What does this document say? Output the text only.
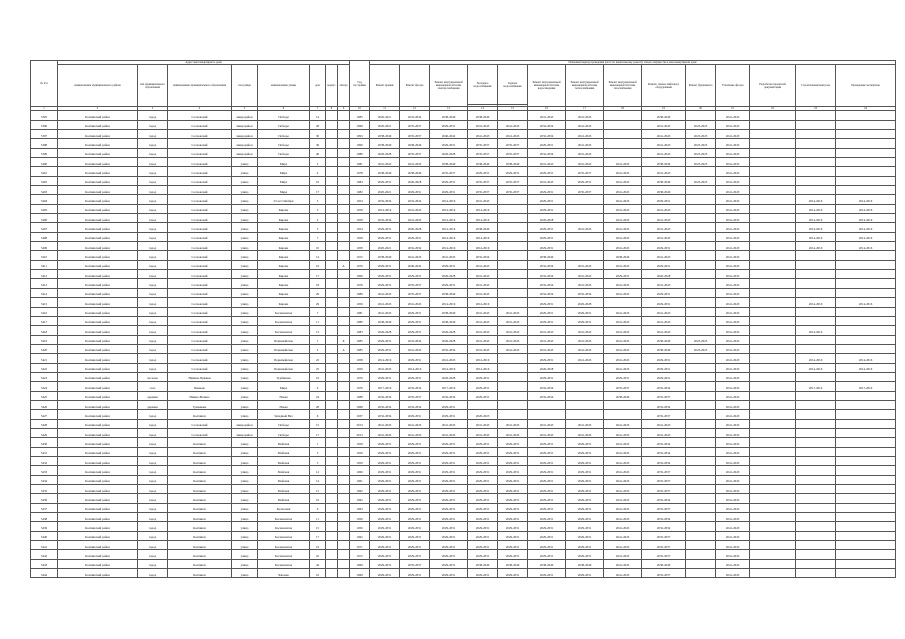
№ п/п	Адрес многоквартирного дома								Год постройки	Плановый период проведения работ по капитальному ремонту общего имущества в многоквартирном доме													
	наименование муниципального района	тип муниципального образования	наименование муниципального образования	тип улицы	наименование улицы	дом	корпус	литера		Ремонт крыши	Ремонт фасада	Ремонт внутридомовой инженерной системы электроснабжения	Холодное водоснабжение	Горячее водоснабжение	Ремонт внутридомовой инженерной системы водоотведения	Ремонт внутридомовой инженерной системы теплоснабжения	Ремонт внутридомовой инженерной системы газоснабжения	Ремонт, замена лифтового оборудования	Ремонт фундамента	Утепление фасада	Разработка проектной документации	Строительный контроль	Проведение экспертизы

1	2	3	4	5	6	7	8	9	10	11	12	13	14	15	16	17	18	19	20	21	22	23	24
5395	Колпинский район	город	Сосновский	микрорайон	Победы	14			1985	2020-2021	2032-2034	2038-2040	2038-2040		2041-2043	2041-2043		2038-2040		2041-2043			
5396	Колпинский район	город	Сосновский	микрорайон	Победы	28			1969	2020-2021	2035-2037	2029-2031	2041-2043	2041-2043	2032-2034	2041-2043		2041-2043	2023-2025	2041-2043			
5397	Колпинский район	город	Сосновский	микрорайон	Победы	30			1993	2038-2040	2035-2037	2040-2042	2041-2043	2041-2043	2032-2034	2041-2043		2041-2043	2023-2025	2041-2043			
5398	Колпинский район	город	Сосновский	микрорайон	Победы	36			1990	2038-2040	2038-2040	2029-2031	2035-2037	2035-2037	2029-2031	2041-2043		2041-2043	2023-2025	2041-2043			
5399	Колпинский район	город	Сосновский	микрорайон	Победы	40			1986	2026-2028	2035-2037	2026-2028	2035-2037	2035-2037	2032-2034	2041-2043		2041-2043	2023-2025	2041-2043			
5400	Колпинский район	город	Сосновский	улица	Мира	2			1981	2041-2043	2041-2043	2038-2040	2038-2040	2038-2040	2041-2043	2041-2043	2041-2043	2038-2040	2023-2025	2041-2043			
5401	Колпинский район	город	Сосновский	улица	Мира	4			1978	2038-2040	2038-2040	2035-2037	2029-2031	2029-2031	2029-2031	2035-2037	2041-2043	2041-2043		2041-2043			
5402	Колпинский район	город	Сосновский	улица	Мира	16			1984	2029-2031	2026-2028	2029-2031	2035-2037	2035-2037	2041-2043	2029-2031	2041-2043	2038-2040	2023-2025	2041-2043			
5403	Колпинский район	город	Сосновский	улица	Мира	17			1982	2020-2021	2029-2031	2029-2031	2035-2037	2035-2037	2029-2031	2035-2037	2041-2043	2038-2040		2041-2043			
5404	Колпинский район	город	Сосновский	улица	23 лет Октября	5			1954	2032-2034	2032-2034	2014-2016	2041-2043		2029-2031		2041-2043	2029-2031		2041-2043		2014-2016	2014-2016
5405	Колпинский район	город	Сосновский	улица	Кирова	3			1958	2014-2016	2041-2043	2014-2016	2014-2016		2029-2031		2041-2043	2041-2043		2041-2043		2014-2016	2014-2016
5406	Колпинский район	город	Сосновский	улица	Кирова	4			1958	2032-2034	2041-2043	2014-2016	2014-2016		2026-2028		2041-2043	2041-2043		2041-2043		2014-2016	2014-2016
5407	Колпинский район	город	Сосновский	улица	Кирова	5			1954	2029-2031	2026-2028	2014-2016	2038-2040		2029-2031	2041-2043	2041-2043	2041-2043		2041-2043		2014-2016	2014-2016
5408	Колпинский район	город	Сосновский	улица	Кирова	7			1958	2029-2031	2029-2031	2014-2016	2014-2016		2029-2031		2041-2043	2041-2043		2041-2043		2014-2016	2014-2016
5409	Колпинский район	город	Сосновский	улица	Кирова	10			1958	2020-2021	2032-2034	2014-2016	2014-2016		2029-2031		2041-2043	2029-2031		2041-2043		2014-2016	2014-2016
5410	Колпинский район	город	Сосновский	улица	Кирова	14			1972	2038-2040	2041-2043	2041-2043	2032-2034		2038-2040		2038-2040	2041-2043		2041-2043			
5411	Колпинский район	город	Сосновский	улица	Кирова	16		А	1976	2029-2031	2040-2042	2029-2031	2041-2043		2032-2034	2041-2043	2041-2043	2029-2031		2041-2043			
5412	Колпинский район	город	Сосновский	улица	Кирова	17			1990	2029-2031	2029-2031	2026-2028	2041-2043		2032-2034	2041-2043	2029-2031	2026-2028		2041-2043			
5413	Колпинский район	город	Сосновский	улица	Кирова	18			1976	2029-2031	2035-2037	2029-2031	2041-2043		2032-2034	2041-2043	2041-2043	2041-2043		2041-2043			
5414	Колпинский район	город	Сосновский	улица	Кирова	29			1989	2041-2043	2035-2037	2038-2040	2041-2043		2032-2034	2032-2034	2041-2043	2029-2031		2041-2043			
5415	Колпинский район	город	Сосновский	улица	Кирова	29			1959	2041-2043	2041-2043	2014-2016	2014-2016		2029-2031	2026-2028		2029-2031		2041-2043		2014-2016	2014-2016
5416	Колпинский район	город	Сосновский	улица	Космонавтов	7			1981	2041-2043	2029-2031	2038-2040	2041-2043	2041-2043	2029-2031	2029-2031	2041-2043	2041-2043		2041-2043			
5417	Колпинский район	город	Сосновский	улица	Космонавтов	11			1980	2038-2040	2029-2031	2038-2040	2041-2043	2041-2043	2029-2031	2029-2031	2041-2043	2041-2043		2041-2043			
5418	Колпинский район	город	Сосновский	улица	Космонавтов	13			1983	2026-2028	2029-2031	2026-2028	2041-2043	2041-2043	2041-2043	2041-2043	2041-2043	2041-2043		2041-2043		2014-2016	
5419	Колпинский район	город	Сосновский	улица	Первомайская	1		Б	1985	2029-2031	2032-2034	2026-2028	2041-2043	2041-2043	2041-2043	2041-2043	2041-2043	2038-2040	2023-2025	2041-2043			
5420	Колпинский район	город	Сосновский	улица	Первомайская	2		А	1985	2029-2031	2041-2043	2032-2034	2041-2043	2041-2043	2041-2043	2041-2043	2041-2043	2038-2040	2023-2025	2041-2043			
5421	Колпинский район	город	Сосновский	улица	Первомайская	22			1958	2014-2016	2029-2031	2041-2043	2014-2016		2029-2031	2041-2043	2041-2043	2029-2031		2041-2043		2014-2016	2014-2016
5422	Колпинский район	город	Сосновский	улица	Первомайская	25			1959	2041-2043	2014-2016	2014-2016	2014-2016		2026-2028		2041-2043	2029-2031		2041-2043		2014-2016	2014-2016
5423	Колпинский район	поселок	Нижние Пряжки	улица	Турбинная	16			1976	2029-2031	2029-2031	2026-2028	2029-2031		2029-2031		2029-2031	2029-2031		2041-2043			
5424	Колпинский район	село	Пенково	улица	Мира	9			1976	2017-2019	2032-2034	2017-2019	2029-2031		2032-2034		2035-2037	2032-2034		2041-2043		2017-2019	2017-2019
5425	Колпинский район	деревня	Нижне-Валино	улица	Новая	24			1988	2032-2034	2035-2037	2032-2034	2029-2031		2032-2034		2038-2040	2035-2037		2041-2043			
5426	Колпинский район	деревня	Гулинкова	улица	Новая	28			1968	2032-2034	2032-2034	2029-2031						2032-2034		2041-2043			
5427	Колпинский район	город	Колпинск	улица	Западный Вал	6			1937	2032-2034	2029-2031	2029-2031	2020-2023					2035-2037		2041-2043			
5428	Колпинский район	город	Сосновский	микрорайон	Победы	15			2013	2041-2043	2041-2043	2041-2043	2041-2043	2041-2043	2041-2043	2041-2043	2041-2043	2041-2043		2041-2043			
5429	Колпинский район	город	Сосновский	микрорайон	Победы	17			2013	2041-2043	2041-2043	2041-2043	2041-2043	2041-2043	2041-2043	2041-2043	2041-2043	2041-2043		2041-2043			
5430	Колпинский район	город	Колпинск	улица	Майская	1			1958	2029-2031	2029-2031	2029-2031	2029-2031	2029-2031	2029-2031	2029-2031	2041-2043	2032-2034		2041-2043			
5431	Колпинский район	город	Колпинск	улица	Майская	3			1959	2029-2031	2029-2031	2029-2031	2029-2031	2029-2031	2029-2031	2029-2031	2041-2043	2032-2034		2041-2043			
5432	Колпинский район	город	Колпинск	улица	Майская	5			1959	2029-2031	2029-2031	2029-2031	2029-2031	2029-2031	2029-2031	2029-2031	2041-2043	2032-2034		2041-2043			
5433	Колпинский район	город	Колпинск	улица	Майская	12			1960	2029-2031	2029-2031	2029-2031	2029-2031	2029-2031	2029-2031	2029-2031	2041-2043	2035-2037		2041-2043			
5434	Колпинский район	город	Колпинск	улица	Майская	14			1961	2029-2031	2029-2031	2029-2031	2029-2031	2029-2031	2029-2031	2029-2031	2041-2043	2035-2037		2041-2043			
5435	Колпинский район	город	Колпинск	улица	Майская	15			1962	2029-2031	2029-2031	2029-2031	2029-2031	2029-2031	2029-2031	2029-2031	2041-2043	2035-2037		2041-2043			
5436	Колпинский район	город	Колпинск	улица	Майская	16			1962	2029-2031	2029-2031	2029-2031	2029-2031	2029-2031	2029-2031	2029-2031	2041-2043	2032-2034		2041-2043			
5437	Колпинский район	город	Колпинск	улица	Колхозная	6			1963	2029-2031	2029-2031	2029-2031	2029-2031	2029-2031	2029-2031	2029-2031	2041-2043	2035-2037		2041-2043			
5438	Колпинский район	город	Колпинск	улица	Космонавтов	11			1956	2029-2031	2029-2031	2029-2031	2029-2031	2029-2031	2029-2031	2029-2031	2041-2043	2032-2034		2041-2043			
5439	Колпинский район	город	Колпинск	улица	Космонавтов	15			1956	2029-2031	2029-2031	2029-2031	2029-2031	2029-2031	2029-2031	2029-2031	2041-2043	2032-2034		2041-2043			
5440	Колпинский район	город	Колпинск	улица	Космонавтов	17			1962	2029-2031	2029-2031	2029-2031	2029-2031	2029-2031	2029-2031	2029-2031	2041-2043	2035-2037		2041-2043			
5441	Колпинский район	город	Колпинск	улица	Космонавтов	19			1971	2029-2031	2029-2031	2029-2031	2029-2031	2029-2031	2029-2031	2029-2031	2041-2043	2035-2037		2041-2043			
5442	Колпинский район	город	Колпинск	улица	Космонавтов	22			1972	2029-2031	2029-2031	2029-2031	2029-2031	2029-2031	2029-2031	2029-2031	2041-2043	2035-2037		2041-2043			
5443	Колпинский район	город	Колпинск	улица	Космонавтов	44			1969	2029-2031	2035-2037	2029-2031	2038-2040	2038-2040	2038-2040	2038-2040	2041-2043	2038-2040		2041-2043			
5444	Колпинский район	город	Колпинск	улица	Чапаева	16			1969	2029-2031	2029-2031	2029-2031	2029-2031	2029-2031	2029-2031	2029-2031	2041-2043	2035-2037		2041-2043			
